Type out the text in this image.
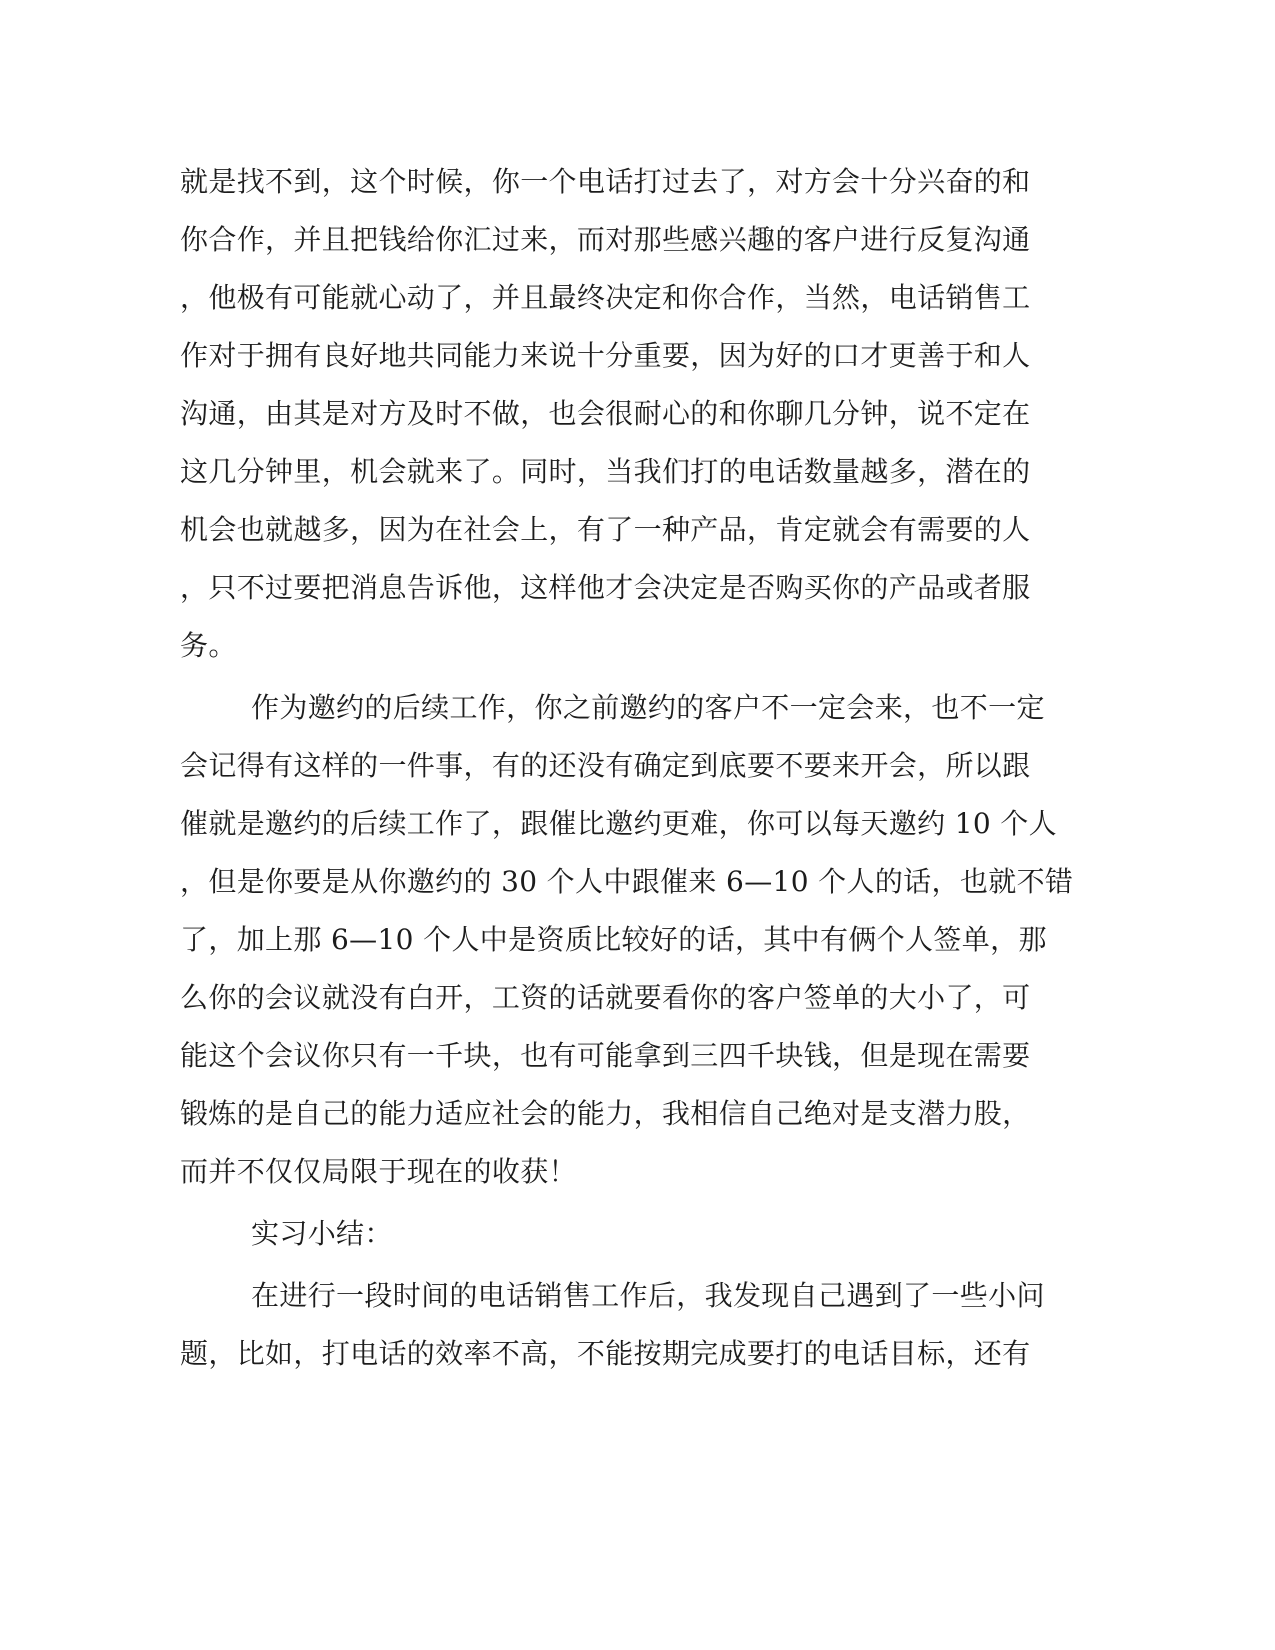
就是找不到，这个时候，你一个电话打过去了，对方会十分兴奋的和
你合作，并且把钱给你汇过来，而对那些感兴趣的客户进行反复沟通
，他极有可能就心动了，并且最终决定和你合作，当然，电话销售工
作对于拥有良好地共同能力来说十分重要，因为好的口才更善于和人
沟通，由其是对方及时不做，也会很耐心的和你聊几分钟，说不定在
这几分钟里，机会就来了。同时，当我们打的电话数量越多，潜在的
机会也就越多，因为在社会上，有了一种产品，肯定就会有需要的人
，只不过要把消息告诉他，这样他才会决定是否购买你的产品或者服
务。
作为邀约的后续工作，你之前邀约的客户不一定会来，也不一定
会记得有这样的一件事，有的还没有确定到底要不要来开会，所以跟
催就是邀约的后续工作了，跟催比邀约更难，你可以每天邀约 10 个人
，但是你要是从你邀约的 30 个人中跟催来 6—10 个人的话，也就不错
了，加上那 6—10 个人中是资质比较好的话，其中有俩个人签单，那
么你的会议就没有白开，工资的话就要看你的客户签单的大小了，可
能这个会议你只有一千块，也有可能拿到三四千块钱，但是现在需要
锻炼的是自己的能力适应社会的能力，我相信自己绝对是支潜力股，
而并不仅仅局限于现在的收获！
实习小结：
在进行一段时间的电话销售工作后，我发现自己遇到了一些小问
题，比如，打电话的效率不高，不能按期完成要打的电话目标，还有
